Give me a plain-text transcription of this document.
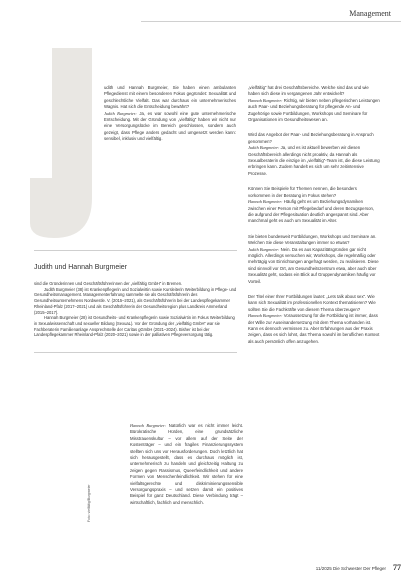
Management

udith und Hannah Burgmeier, Sie haben einen ambulanten Pflegedienst mit einem besonderen Fokus gegründet: Sexualität und geschlechtliche Vielfalt. Das war durchaus ein unternehmerisches Wagnis. Hat sich die Entscheidung bewährt?

Judith Burgmeier: Ja, es war sowohl eine gute unternehmerische Entscheidung. Mit der Gründung von „vielfältig“ haben wir nicht nur eine Versorgungslücke im Bereich geschlossen, sondern auch gezeigt, dass Pflege anders gedacht und umgesetzt werden kann: sensibel, inklusiv und vielfältig.

Judith und Hannah Burgmeier

sind die Gründerinnen und Geschäftsführerinnen der „vielfältig GmbH“ in Bremen.

Judith Burgmeier (38) ist Krankenpflegerin und Sozialwirtin sowie Kursleiterin Weiterbildung in Pflege- und Gesundheitsmanagement. Managementerfahrung sammelte sie als Geschäftsführerin des Gesundheitsunternehmens Nordwestle. V. (2015–2021), als Geschäftsführerin bei der Landespflegekammer Rheinland-Pfalz (2017–2021) und als Geschäftsführerin der Gesundheitsregion plus Landkreis Ammerland (2015–2017).

Hannah Burgmeier (28) ist Gesundheits- und Krankenpflegerin sowie Sozialwirtin im Fokus Weiterbildung in Sexualwissenschaft und sexueller Bildung (SexuaL). Vor der Gründung der „vielfältig GmbH“ war sie Fachberaterin Familienanlage Ansprechstelle der Caritas gGmbH (2021–2024). Bisher ist bei der Landespflegekammer Rheinland-Pfalz (2020–2021) sowie in der palliativen Pflegeversorgung tätig.

Hannah Burgmeier: Natürlich war es nicht immer leicht. Bürokratische Hürden, eine grundsätzliche Misstrauenskultur – vor allem auf der Seite der Kostenträger – und ein fragiles Finanzierungssystem stellten sich uns vor Herausforderungen. Doch letztlich hat sich herausgestellt, dass es durchaus möglich ist, unternehmerisch zu handeln und gleichzeitig Haltung zu zeigen gegen Rassismus, Queerfeindlichkeit und andere Formen von Menschenfeindlichkeit. Wir stehen für eine vielfaltsgerechte und diskriminierungssensible Versorgungspraxis – und setzen damit ein positives Beispiel für ganz Deutschland. Diese Verbindung trägt – wirtschaftlich, fachlich und menschlich.

Foto: vielfältig/Burgmeier

„vielfältig“ hat drei Geschäftsbereiche. Welche sind das und wie haben sich diese im vergangenen Jahr entwickelt?

Hannah Burgmeier: Richtig, wir bieten neben pflegerischen Leistungen auch Paar- und Beziehungsberatung für pflegende An- und Zugehörige sowie Fortbildungen, Workshops und Seminare für Organisationen im Gesundheitswesen an.

Wird das Angebot der Paar- und Beziehungsberatung in Anspruch genommen?

Judith Burgmeier: Ja, und es ist aktuell bewerben wir diesen Geschäftsbereich allerdings nicht proaktiv, da Hannah als Sexualberaterin die einzige im „vielfältig“-Team ist, die diese Leistung erbringen kann. Zudem handelt es sich um sehr zeitintensive Prozesse.

Können Sie Beispiele für Themen nennen, die besonders vorkommen in der Beratung im Fokus stehen?

Hannah Burgmeier: Häufig geht es um Beziehungsdynamiken zwischen einer Person mit Pflegebedarf und deren Bezugsperson, die aufgrund der Pflegesituation deutlich angespannt sind. Aber manchmal geht es auch um Sexualität im Alter.

Sie bieten bundesweit Fortbildungen, Workshops und Seminare an. Welchen Sie diese Veranstaltungen immer so etwas?

Judith Burgmeier: Nein. Da es aus Kapazitätsgründen gar nicht möglich. Allerdings versuchen wir, Workshops, die regelmäßig oder mehrtägig von Einrichtungen angefragt werden, zu realisieren. Diese sind sinnvoll vor Ort, am Gesundheitszentrum etwa, aber auch über Sexualität geht, sodass ein Blick auf Gruppendynamiken häufig vor Vorteil.

Der Titel einer Ihrer Fortbildungen lautet: „Lets talk about sex“. Wie kann sich Sexualität im professionellen Kontext thematisieren? Wie sollten Sie die Fachkräfte von diesem Thema überzeugen?

Hannah Burgmeier: Voraussetzung für die Fortbildung ist immer, dass der Wille zur Auseinandersetzung mit dem Thema vorhanden ist. Kann es dennoch vermissen zu. Aber Erfahrungen aus der Praxis zeigen, dass es sich lohnt, das Thema sowohl im beruflichen Kontext als auch persönlich offen anzugehen.

11/2025 Die Schwester Der Pfleger 77
